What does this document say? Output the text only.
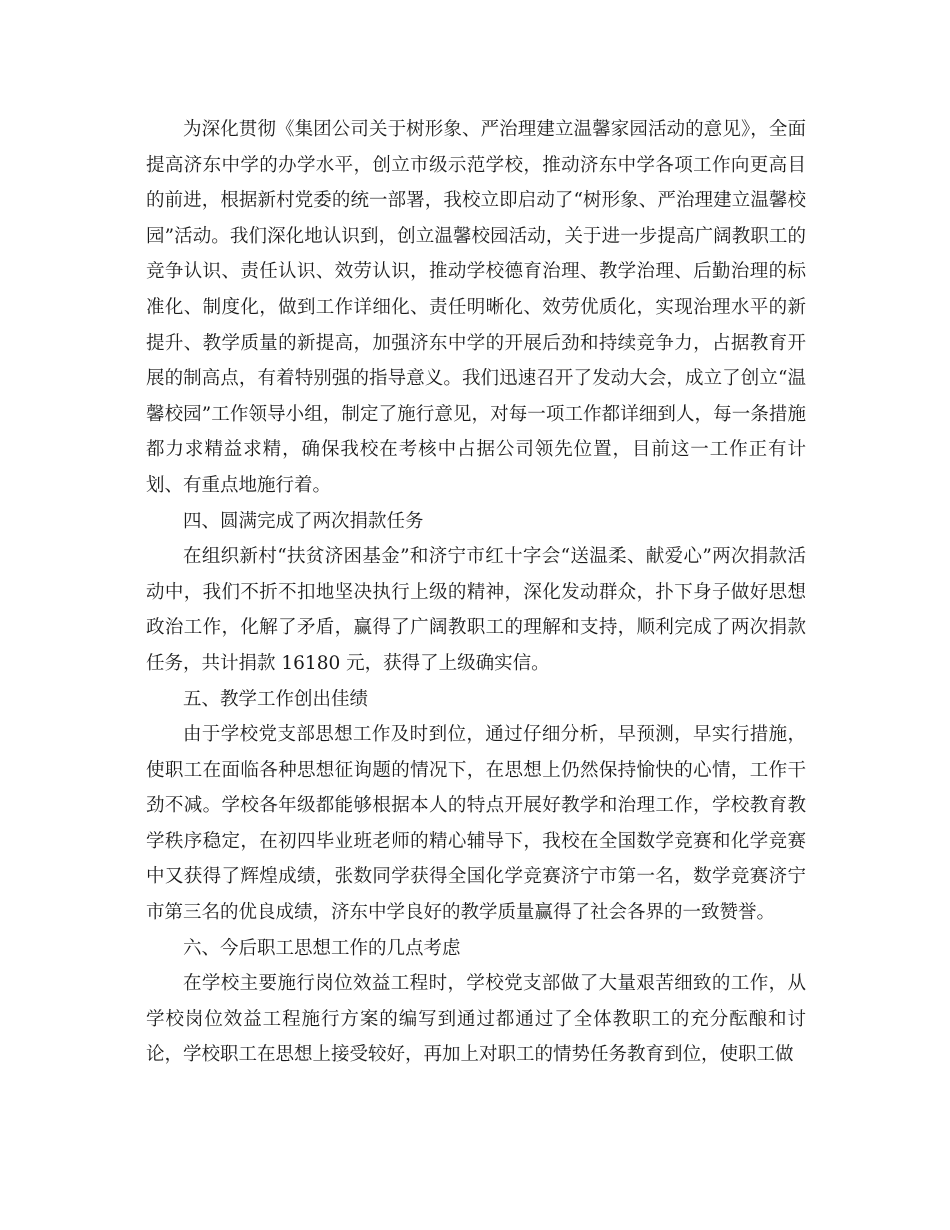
为深化贯彻《集团公司关于树形象、严治理建立温馨家园活动的意见》，全面提高济东中学的办学水平，创立市级示范学校，推动济东中学各项工作向更高目的前进，根据新村党委的统一部署，我校立即启动了“树形象、严治理建立温馨校园”活动。我们深化地认识到，创立温馨校园活动，关于进一步提高广阔教职工的竞争认识、责任认识、效劳认识，推动学校德育治理、教学治理、后勤治理的标准化、制度化，做到工作详细化、责任明晰化、效劳优质化，实现治理水平的新提升、教学质量的新提高，加强济东中学的开展后劲和持续竞争力，占据教育开展的制高点，有着特别强的指导意义。我们迅速召开了发动大会，成立了创立“温馨校园”工作领导小组，制定了施行意见，对每一项工作都详细到人，每一条措施都力求精益求精，确保我校在考核中占据公司领先位置，目前这一工作正有计划、有重点地施行着。

四、圆满完成了两次捐款任务

在组织新村“扶贫济困基金”和济宁市红十字会“送温柔、献爱心”两次捐款活动中，我们不折不扣地坚决执行上级的精神，深化发动群众，扑下身子做好思想政治工作，化解了矛盾，赢得了广阔教职工的理解和支持，顺利完成了两次捐款任务，共计捐款 16180 元，获得了上级确实信。

五、教学工作创出佳绩

由于学校党支部思想工作及时到位，通过仔细分析，早预测，早实行措施，使职工在面临各种思想征询题的情况下，在思想上仍然保持愉快的心情，工作干劲不减。学校各年级都能够根据本人的特点开展好教学和治理工作，学校教育教学秩序稳定，在初四毕业班老师的精心辅导下，我校在全国数学竞赛和化学竞赛中又获得了辉煌成绩，张数同学获得全国化学竞赛济宁市第一名，数学竞赛济宁市第三名的优良成绩，济东中学良好的教学质量赢得了社会各界的一致赞誉。

六、今后职工思想工作的几点考虑

在学校主要施行岗位效益工程时，学校党支部做了大量艰苦细致的工作，从学校岗位效益工程施行方案的编写到通过都通过了全体教职工的充分酝酿和讨论，学校职工在思想上接受较好，再加上对职工的情势任务教育到位，使职工做
